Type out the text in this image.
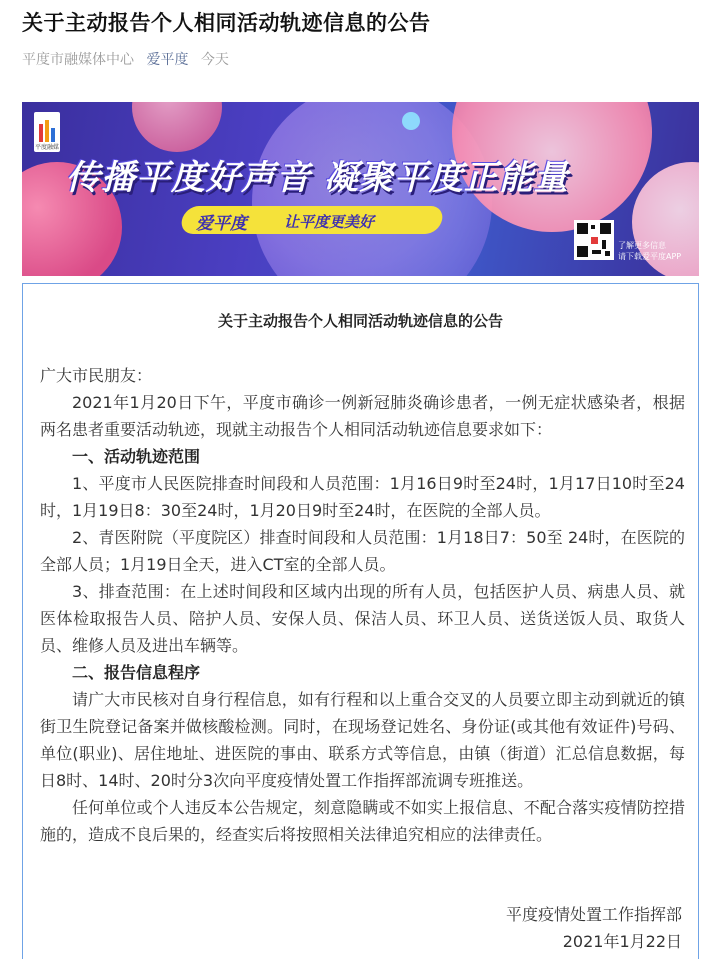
关于主动报告个人相同活动轨迹信息的公告
平度市融媒体中心 爱平度 今天
平度融媒
传播平度好声音 凝聚平度正能量
爱平度 让平度更美好
了解更多信息
请下载爱平度APP
关于主动报告个人相同活动轨迹信息的公告

广大市民朋友：

2021年1月20日下午，平度市确诊一例新冠肺炎确诊患者，一例无症状感染者，根据两名患者重要活动轨迹，现就主动报告个人相同活动轨迹信息要求如下：

一、活动轨迹范围

1、平度市人民医院排查时间段和人员范围：1月16日9时至24时，1月17日10时至24时，1月19日8：30至24时，1月20日9时至24时，在医院的全部人员。

2、青医附院（平度院区）排查时间段和人员范围：1月18日7：50至 24时，在医院的全部人员；1月19日全天，进入CT室的全部人员。

3、排查范围：在上述时间段和区域内出现的所有人员，包括医护人员、病患人员、就医体检取报告人员、陪护人员、安保人员、保洁人员、环卫人员、送货送饭人员、取货人员、维修人员及进出车辆等。

二、报告信息程序

请广大市民核对自身行程信息，如有行程和以上重合交叉的人员要立即主动到就近的镇街卫生院登记备案并做核酸检测。同时，在现场登记姓名、身份证(或其他有效证件)号码、单位(职业)、居住地址、进医院的事由、联系方式等信息，由镇（街道）汇总信息数据，每日8时、14时、20时分3次向平度疫情处置工作指挥部流调专班推送。

任何单位或个人违反本公告规定，刻意隐瞒或不如实上报信息、不配合落实疫情防控措施的，造成不良后果的，经查实后将按照相关法律追究相应的法律责任。

平度疫情处置工作指挥部
2021年1月22日
